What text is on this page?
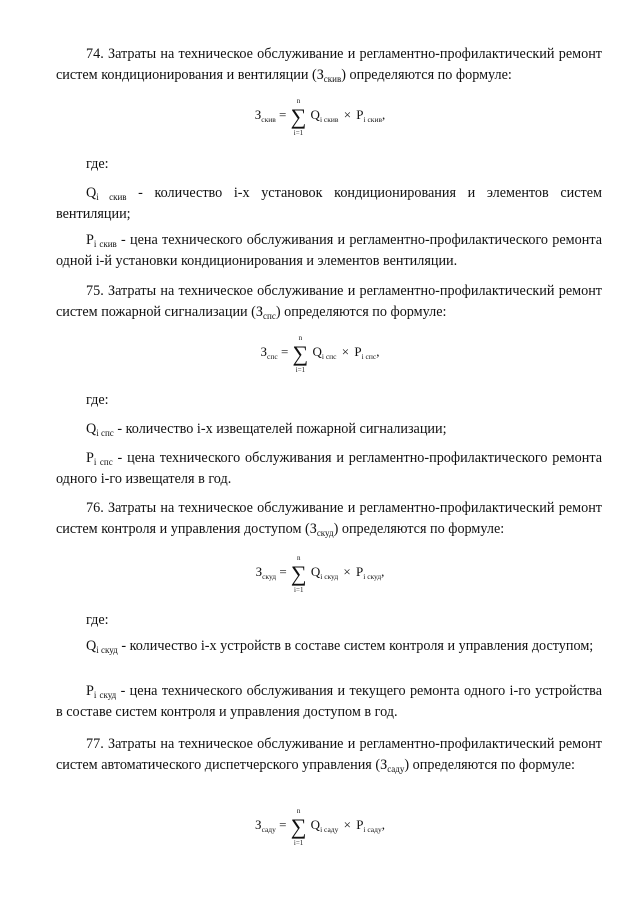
74. Затраты на техническое обслуживание и регламентно-профилактический ремонт систем кондиционирования и вентиляции $(З_{скив})$ определяются по формуле:

$З_{скив}$ =
n
∑
i=1
$Q_{i скив} \times P_{i скив}$,

где:

$Q_{i скив}$ - количество i-х установок кондиционирования и элементов систем вентиляции;

$P_{i скив}$ - цена технического обслуживания и регламентно-профилактического ремонта одной i-й установки кондиционирования и элементов вентиляции.

75. Затраты на техническое обслуживание и регламентно-профилактический ремонт систем пожарной сигнализации $(З_{спс})$ определяются по формуле:

$З_{спс}$ =
n
∑
i=1
$Q_{i спс} \times P_{i спс}$,

где:

$Q_{i спс}$ - количество i-х извещателей пожарной сигнализации;

$P_{i спс}$ - цена технического обслуживания и регламентно-профилактического ремонта одного i-го извещателя в год.

76. Затраты на техническое обслуживание и регламентно-профилактический ремонт систем контроля и управления доступом $(З_{скуд})$ определяются по формуле:

$З_{скуд}$ =
n
∑
i=1
$Q_{i скуд} \times P_{i скуд}$,

где:

$Q_{i скуд}$ - количество i-х устройств в составе систем контроля и управления доступом;

$P_{i скуд}$ - цена технического обслуживания и текущего ремонта одного i-го устройства в составе систем контроля и управления доступом в год.

77. Затраты на техническое обслуживание и регламентно-профилактический ремонт систем автоматического диспетчерского управления $(З_{саду})$ определяются по формуле:

$З_{саду}$ =
n
∑
i=1
$Q_{i саду} \times P_{i саду}$,
